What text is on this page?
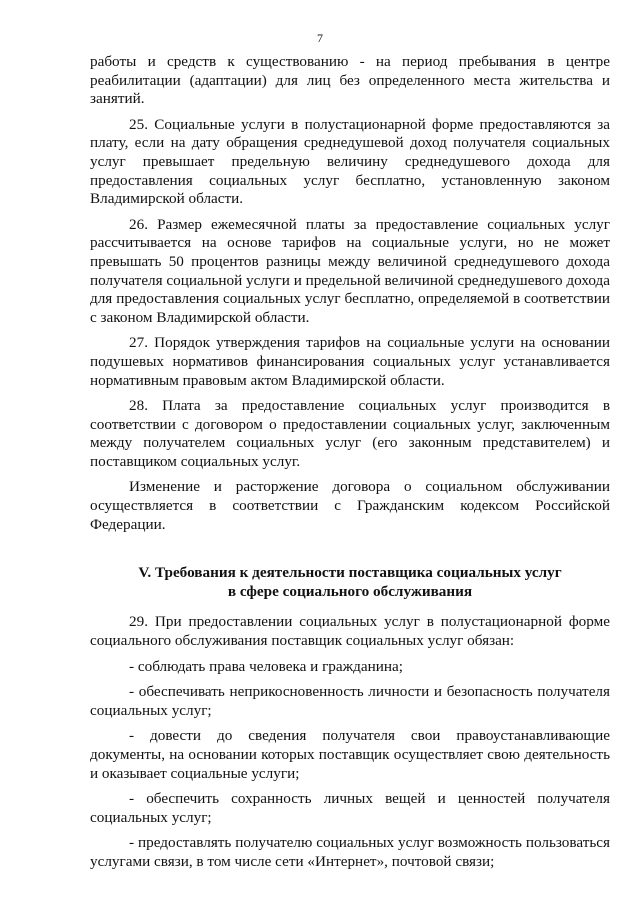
7

работы и средств к существованию - на период пребывания в центре реабилитации (адаптации) для лиц без определенного места жительства и занятий.

25. Социальные услуги в полустационарной форме предоставляются за плату, если на дату обращения среднедушевой доход получателя социальных услуг превышает предельную величину среднедушевого дохода для предоставления социальных услуг бесплатно, установленную законом Владимирской области.

26. Размер ежемесячной платы за предоставление социальных услуг рассчитывается на основе тарифов на социальные услуги, но не может превышать 50 процентов разницы между величиной среднедушевого дохода получателя социальной услуги и предельной величиной среднедушевого дохода для предоставления социальных услуг бесплатно, определяемой в соответствии с законом Владимирской области.

27. Порядок утверждения тарифов на социальные услуги на основании подушевых нормативов финансирования социальных услуг устанавливается нормативным правовым актом Владимирской области.

28. Плата за предоставление социальных услуг производится в соответствии с договором о предоставлении социальных услуг, заключенным между получателем социальных услуг (его законным представителем) и поставщиком социальных услуг.

Изменение и расторжение договора о социальном обслуживании осуществляется в соответствии с Гражданским кодексом Российской Федерации.

V. Требования к деятельности поставщика социальных услуг

в сфере социального обслуживания

29. При предоставлении социальных услуг в полустационарной форме социального обслуживания поставщик социальных услуг обязан:

- соблюдать права человека и гражданина;

- обеспечивать неприкосновенность личности и безопасность получателя социальных услуг;

- довести до сведения получателя свои правоустанавливающие документы, на основании которых поставщик осуществляет свою деятельность и оказывает социальные услуги;

- обеспечить сохранность личных вещей и ценностей получателя социальных услуг;

- предоставлять получателю социальных услуг возможность пользоваться услугами связи, в том числе сети «Интернет», почтовой связи;
